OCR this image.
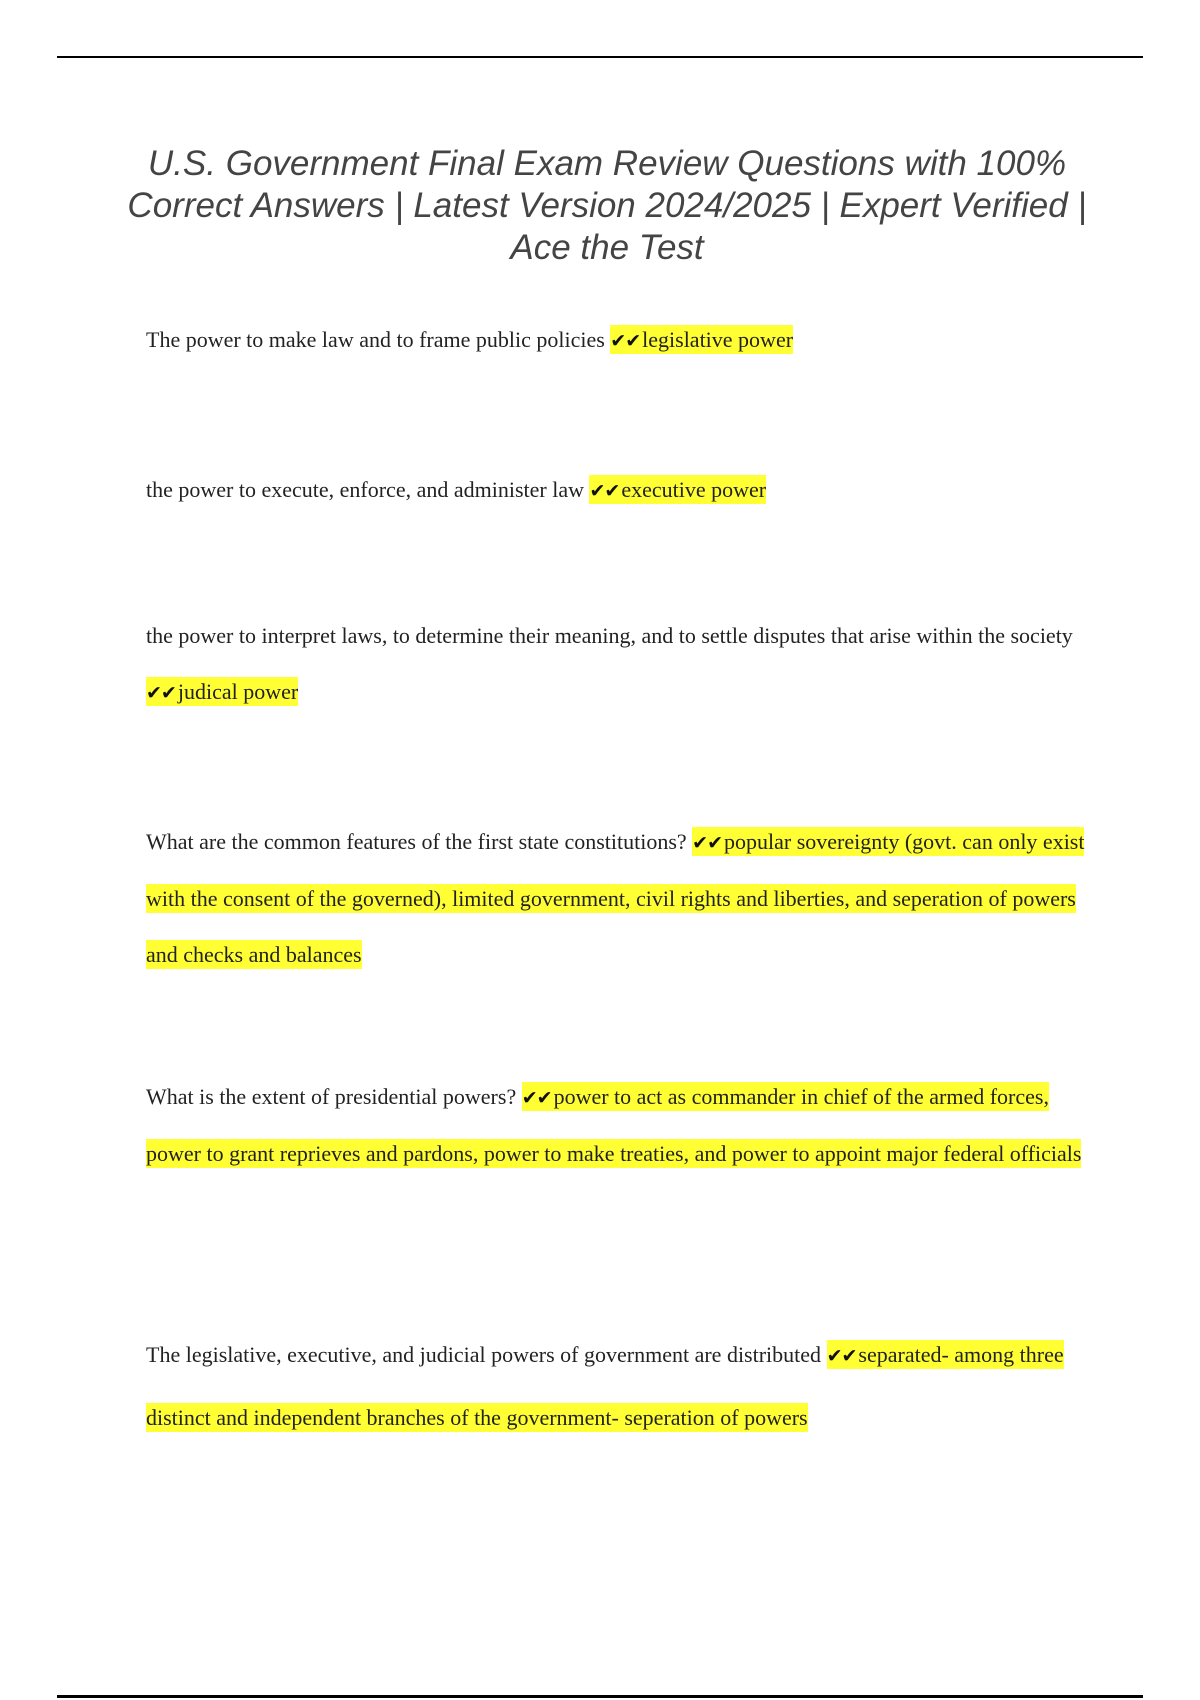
U.S. Government Final Exam Review Questions with 100% Correct Answers | Latest Version 2024/2025 | Expert Verified | Ace the Test
The power to make law and to frame public policies ✔✔legislative power
the power to execute, enforce, and administer law ✔✔executive power
the power to interpret laws, to determine their meaning, and to settle disputes that arise within the society ✔✔judical power
What are the common features of the first state constitutions? ✔✔popular sovereignty (govt. can only exist with the consent of the governed), limited government, civil rights and liberties, and seperation of powers and checks and balances
What is the extent of presidential powers? ✔✔power to act as commander in chief of the armed forces, power to grant reprieves and pardons, power to make treaties, and power to appoint major federal officials
The legislative, executive, and judicial powers of government are distributed ✔✔separated- among three distinct and independent branches of the government- seperation of powers
